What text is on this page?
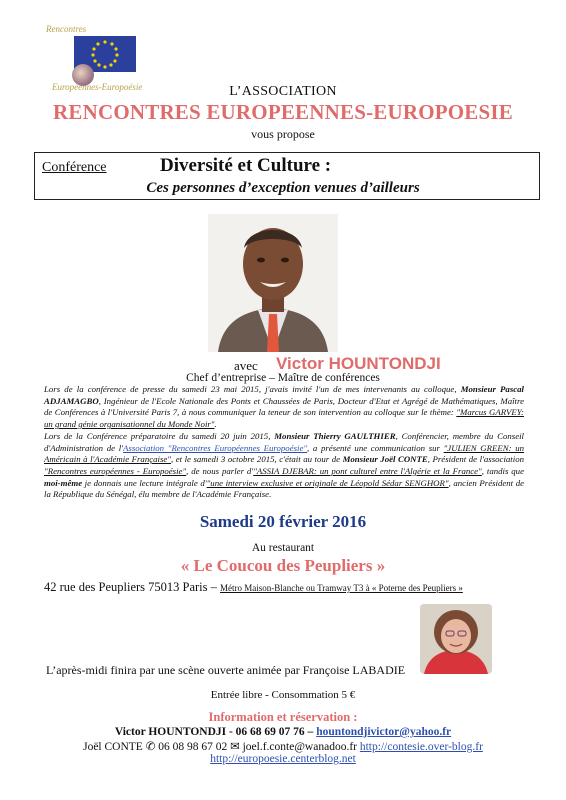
Rencontres
Européennes-Europoésie	L’ASSOCIATION
RENCONTRES EUROPEENNES-EUROPOESIE
vous propose
Conférence	Diversité et Culture :
Ces personnes d’exception venues d’ailleurs
avec Victor HOUNTONDJI
Chef d’entreprise – Maître de conférences
Lors de la conférence de presse du samedi 23 mai 2015, j'avais invité l'un de mes intervenants au colloque, Monsieur Pascal ADJAMAGBO, Ingénieur de l'Ecole Nationale des Ponts et Chaussées de Paris, Docteur d'Etat et Agrégé de Mathématiques, Maître de Conférences à l'Université Paris 7, à nous communiquer la teneur de son intervention au colloque sur le thème: "Marcus GARVEY: un grand génie organisationnel du Monde Noir".
Lors de la Conférence préparatoire du samedi 20 juin 2015, Monsieur Thierry GAULTHIER, Conférencier, membre du Conseil d'Administration de l'Association "Rencontres Européennes Europoésie", a présenté une communication sur "JULIEN GREEN: un Américain à l'Académie Française", et le samedi 3 octobre 2015, c'était au tour de Monsieur Joël CONTE, Président de l'association "Rencontres européennes - Europoésie", de nous parler d'"ASSIA DJEBAR: un pont culturel entre l'Algérie et la France", tandis que moi-même je donnais une lecture intégrale d'"une interview exclusive et originale de Léopold Sédar SENGHOR", ancien Président de la République du Sénégal, élu membre de l'Académie Française.
Samedi 20 février 2016
Au restaurant
« Le Coucou des Peupliers »
42 rue des Peupliers 75013 Paris – Métro Maison-Blanche ou Tramway T3 à « Poterne des Peupliers »
L’après-midi finira par une scène ouverte animée par Françoise LABADIE
Entrée libre - Consommation 5 €
Information et réservation :
Victor HOUNTONDJI - 06 68 69 07 76 – hountondjivictor@yahoo.fr
Joël CONTE ✆ 06 08 98 67 02 ✉ joel.f.conte@wanadoo.fr http://contesie.over-blog.fr
http://europoesie.centerblog.net
